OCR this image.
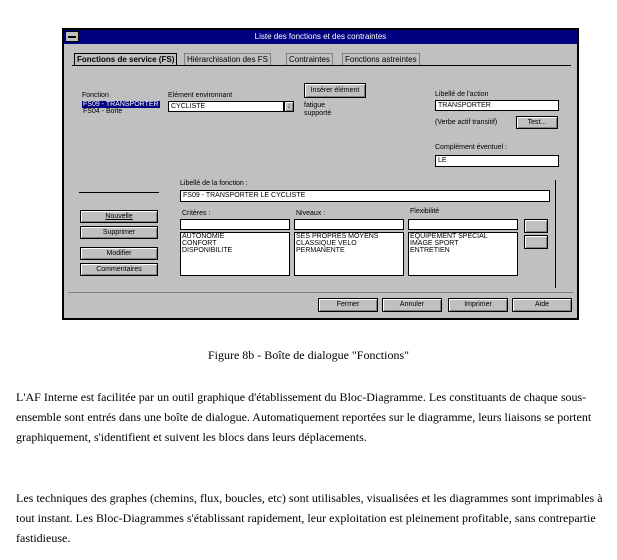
Liste des fonctions et des contraintes
Fonctions de service (FS)	Hiérarchisation des FS	Contraintes	Fonctions astreintes
Fonction
FS09 - TRANSPORTER
FS04 - Boîte
Elément environnant
CYCLISTE	↓
Insérer élément
fatigue
supporté
Libellé de l'action
TRANSPORTER
(Verbe actif transitif)	Test...
Complément éventuel :
LE
Libellé de la fonction :
FS09 - TRANSPORTER LE CYCLISTE
Critères :
AUTONOMIE
CONFORT
DISPONIBILITE
Niveaux :
SES PROPRES MOYENS
CLASSIQUE VELO
PERMANENTE
Flexibilité
EQUIPEMENT SPECIAL
IMAGE SPORT
ENTRETIEN
Nouvelle
Supprimer
Modifier
Commentaires
Fermer	Annuler	Imprimer	Aide
Figure 8b - Boîte de dialogue "Fonctions"
L'AF Interne est facilitée par un outil graphique d'établissement du Bloc-Diagramme. Les constituants de chaque sous-ensemble sont entrés dans une boîte de dialogue. Automatiquement reportées sur le diagramme, leurs liaisons se portent graphiquement, s'identifient et suivent les blocs dans leurs déplacements.
Les techniques des graphes (chemins, flux, boucles, etc) sont utilisables, visualisées et les diagrammes sont imprimables à tout instant. Les Bloc-Diagrammes s'établissant rapidement, leur exploitation est pleinement profitable, sans contrepartie fastidieuse.
